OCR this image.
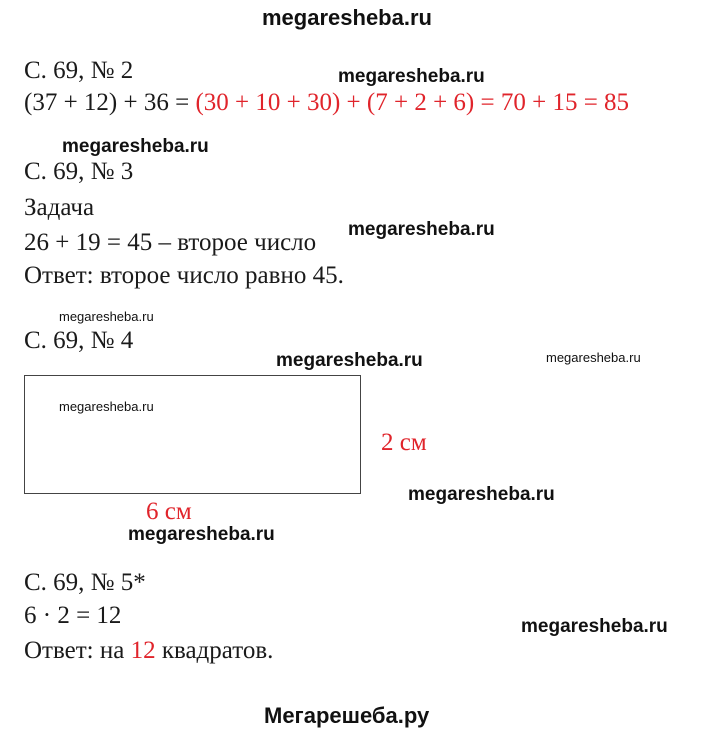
megaresheba.ru
С. 69, № 2	megaresheba.ru
(37 + 12) + 36 = (30 + 10 + 30) + (7 + 2 + 6) = 70 + 15 = 85
megaresheba.ru
С. 69, № 3
Задача
26 + 19 = 45 – второе число megaresheba.ru
Ответ: второе число равно 45.
megaresheba.ru
С. 69, № 4
megaresheba.ru	megaresheba.ru
megaresheba.ru
2 см
megaresheba.ru
6 см
megaresheba.ru
С. 69, № 5*
6 · 2 = 12	megaresheba.ru
Ответ: на 12 квадратов.
Мегарешеба.ру
